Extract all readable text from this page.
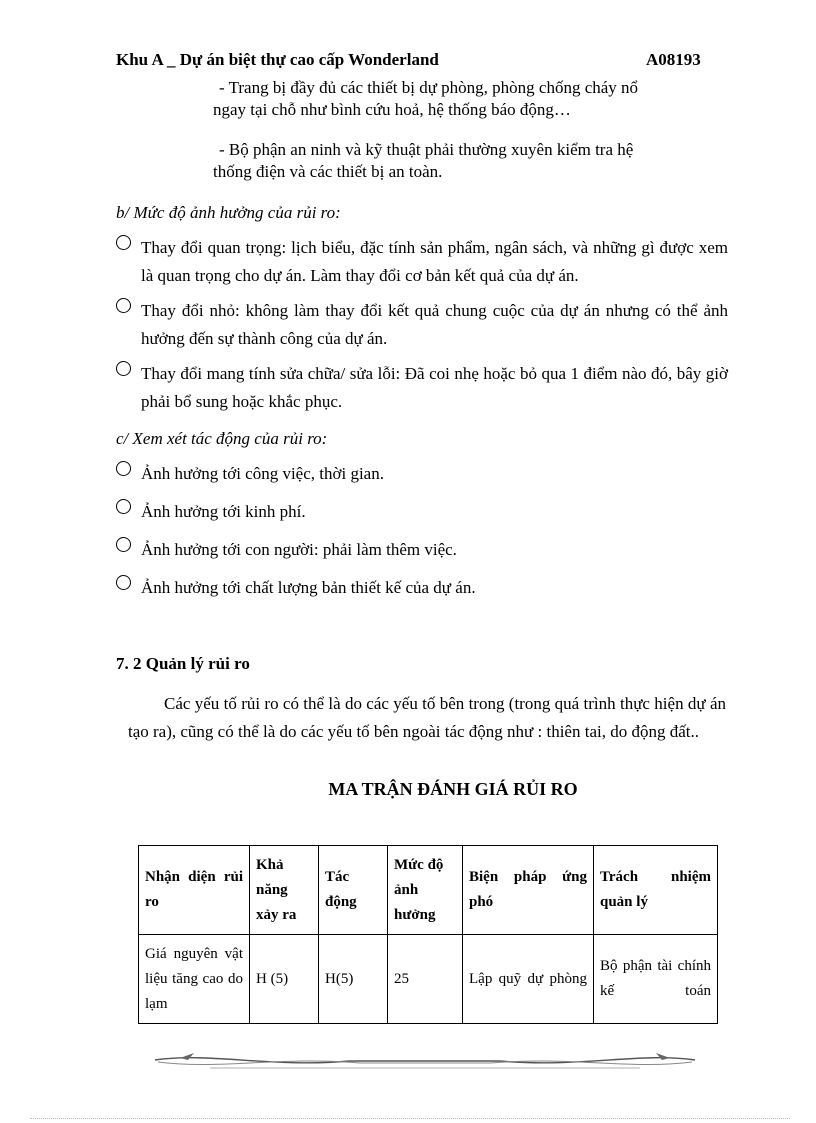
Khu A _ Dự án biệt thự cao cấp Wonderland	A08193
- Trang bị đầy đủ các thiết bị dự phòng, phòng chống cháy nổ
ngay tại chỗ như bình cứu hoả, hệ thống báo động…
- Bộ phận an ninh và kỹ thuật phải thường xuyên kiểm tra hệ
thống điện và các thiết bị an toàn.
b/ Mức độ ảnh hưởng của rủi ro:
Thay đổi quan trọng: lịch biểu, đặc tính sản phẩm, ngân sách, và những gì được xem là quan trọng cho dự án. Làm thay đổi cơ bản kết quả của dự án.
Thay đổi nhỏ: không làm thay đổi kết quả chung cuộc của dự án nhưng có thể ảnh hưởng đến sự thành công của dự án.
Thay đổi mang tính sửa chữa/ sửa lỗi: Đã coi nhẹ hoặc bỏ qua 1 điểm nào đó, bây giờ phải bổ sung hoặc khắc phục.
c/ Xem xét tác động của rủi ro:
Ảnh hưởng tới công việc, thời gian.
Ảnh hưởng tới kinh phí.
Ảnh hưởng tới con người: phải làm thêm việc.
Ảnh hưởng tới chất lượng bản thiết kế của dự án.
7. 2 Quản lý rủi ro
Các yếu tố rủi ro có thể là do các yếu tố bên trong (trong quá trình thực hiện dự án tạo ra), cũng có thể là do các yếu tố bên ngoài tác động như : thiên tai, do động đất..
MA TRẬN ĐÁNH GIÁ RỦI RO
Nhận diện rủi ro	Khả năng xảy ra	Tác động	Mức độ ảnh hưởng	Biện pháp ứng phó	Trách nhiệm quản lý
Giá nguyên vật liệu tăng cao do lạm	H (5)	H(5)	25	Lập quỹ dự phòng	Bộ phận tài chính kế toán
